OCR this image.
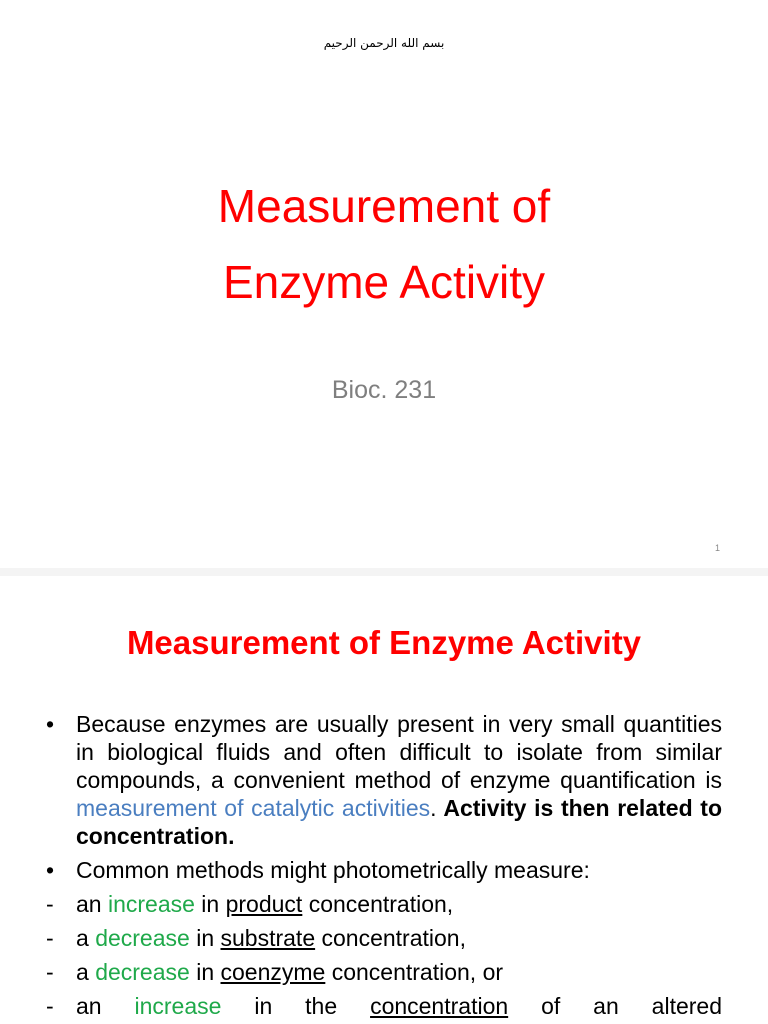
بسم الله الرحمن الرحيم
Measurement of
Enzyme Activity
Bioc. 231
1
Measurement of Enzyme Activity
• Because enzymes are usually present in very small quantities in biological fluids and often difficult to isolate from similar compounds, a convenient method of enzyme quantification is measurement of catalytic activities. Activity is then related to concentration.
• Common methods might photometrically measure:
- an increase in product concentration,
- a decrease in substrate concentration,
- a decrease in coenzyme concentration, or
- an increase in the concentration of an altered
